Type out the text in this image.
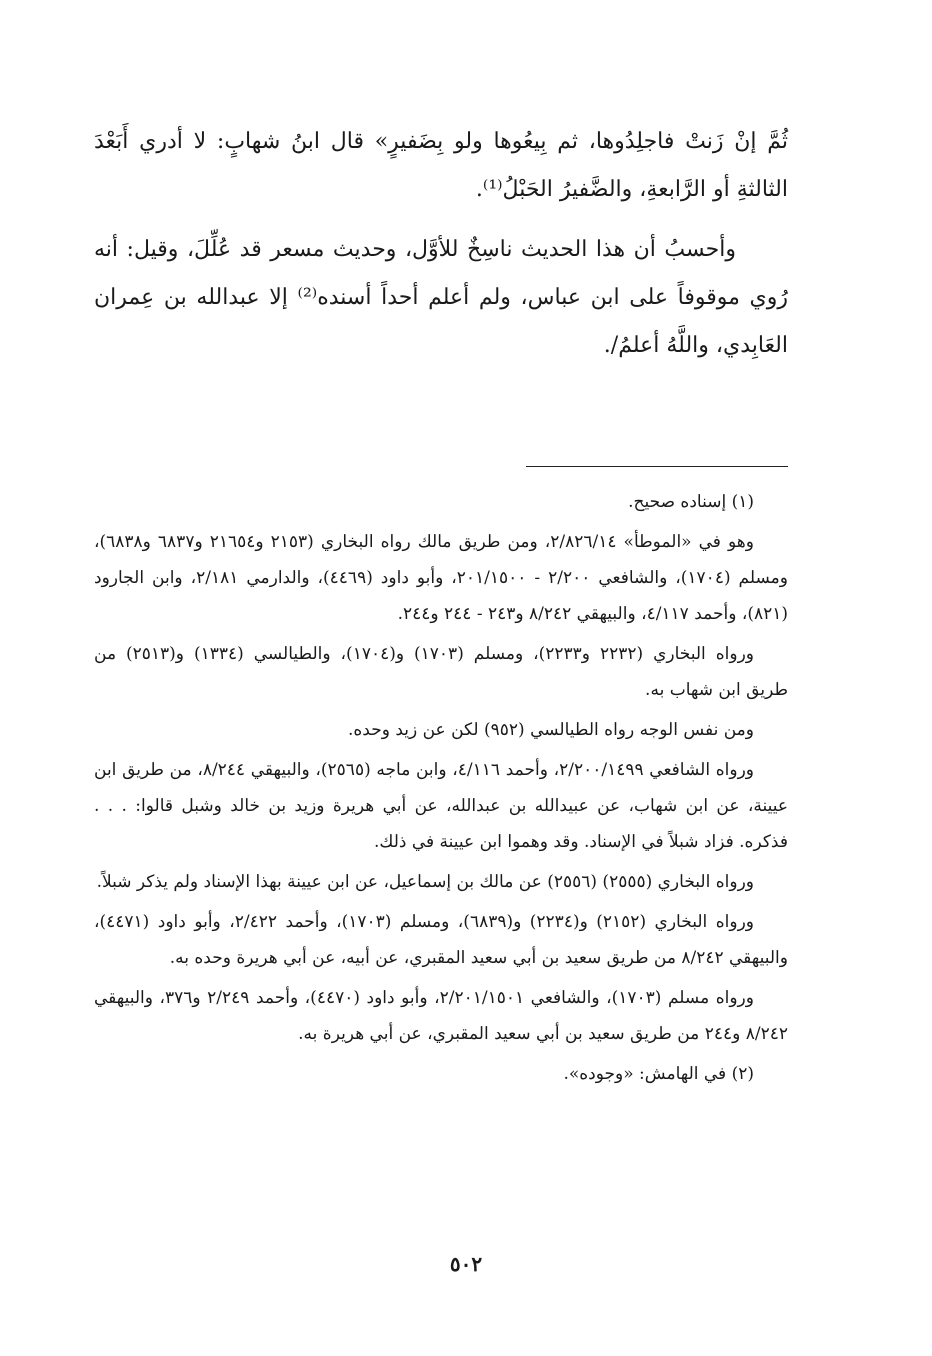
ثُمَّ إنْ زَنتْ فاجلِدُوها، ثم بِيعُوها ولو بِضَفيرٍ» قال ابنُ شهابٍ: لا أدري أَبَعْدَ الثالثةِ أو الرَّابعةِ، والضَّفيرُ الحَبْلُ⁽¹⁾.

وأحسبُ أن هذا الحديث ناسِخٌ للأوَّل، وحديث مسعر قد عُلِّلَ، وقيل: أنه رُوي موقوفاً على ابن عباس، ولم أعلم أحداً أسنده⁽²⁾ إلا عبدالله بن عِمران العَابِدي، واللَّهُ أعلمُ/.

(١) إسناده صحيح.

وهو في «الموطأ» ٢/٨٢٦/١٤، ومن طريق مالك رواه البخاري (٢١٥٣ و٢١٦٥٤ و٦٨٣٧ و٦٨٣٨)، ومسلم (١٧٠٤)، والشافعي ٢/٢٠٠ - ٢٠١/١٥٠٠، وأبو داود (٤٤٦٩)، والدارمي ٢/١٨١، وابن الجارود (٨٢١)، وأحمد ٤/١١٧، والبيهقي ٨/٢٤٢ و٢٤٣ - ٢٤٤ و٢٤٤.

ورواه البخاري (٢٢٣٢ و٢٢٣٣)، ومسلم (١٧٠٣) و(١٧٠٤)، والطيالسي (١٣٣٤) و(٢٥١٣) من طريق ابن شهاب به.

ومن نفس الوجه رواه الطيالسي (٩٥٢) لكن عن زيد وحده.

ورواه الشافعي ٢/٢٠٠/١٤٩٩، وأحمد ٤/١١٦، وابن ماجه (٢٥٦٥)، والبيهقي ٨/٢٤٤، من طريق ابن عيينة، عن ابن شهاب، عن عبيدالله بن عبدالله، عن أبي هريرة وزيد بن خالد وشبل قالوا: . . . فذكره. فزاد شبلاً في الإسناد. وقد وهموا ابن عيينة في ذلك.

ورواه البخاري (٢٥٥٥) (٢٥٥٦) عن مالك بن إسماعيل، عن ابن عيينة بهذا الإسناد ولم يذكر شبلاً.

ورواه البخاري (٢١٥٢) و(٢٢٣٤) و(٦٨٣٩)، ومسلم (١٧٠٣)، وأحمد ٢/٤٢٢، وأبو داود (٤٤٧١)، والبيهقي ٨/٢٤٢ من طريق سعيد بن أبي سعيد المقبري، عن أبيه، عن أبي هريرة وحده به.

ورواه مسلم (١٧٠٣)، والشافعي ٢/٢٠١/١٥٠١، وأبو داود (٤٤٧٠)، وأحمد ٢/٢٤٩ و٣٧٦، والبيهقي ٨/٢٤٢ و٢٤٤ من طريق سعيد بن أبي سعيد المقبري، عن أبي هريرة به.

(٢) في الهامش: «وجوده».

٥٠٢
